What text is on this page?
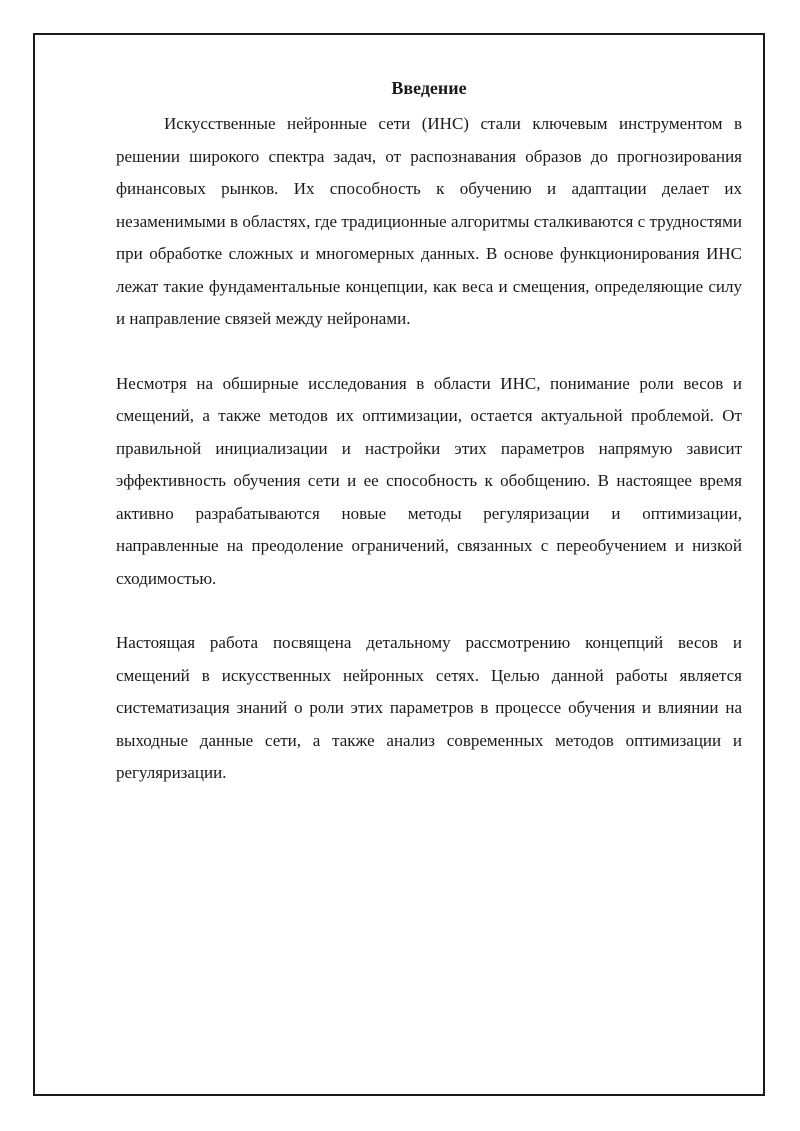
Введение

Искусственные нейронные сети (ИНС) стали ключевым инструментом в решении широкого спектра задач, от распознавания образов до прогнозирования финансовых рынков. Их способность к обучению и адаптации делает их незаменимыми в областях, где традиционные алгоритмы сталкиваются с трудностями при обработке сложных и многомерных данных. В основе функционирования ИНС лежат такие фундаментальные концепции, как веса и смещения, определяющие силу и направление связей между нейронами.

Несмотря на обширные исследования в области ИНС, понимание роли весов и смещений, а также методов их оптимизации, остается актуальной проблемой. От правильной инициализации и настройки этих параметров напрямую зависит эффективность обучения сети и ее способность к обобщению. В настоящее время активно разрабатываются новые методы регуляризации и оптимизации, направленные на преодоление ограничений, связанных с переобучением и низкой сходимостью.

Настоящая работа посвящена детальному рассмотрению концепций весов и смещений в искусственных нейронных сетях. Целью данной работы является систематизация знаний о роли этих параметров в процессе обучения и влиянии на выходные данные сети, а также анализ современных методов оптимизации и регуляризации.
